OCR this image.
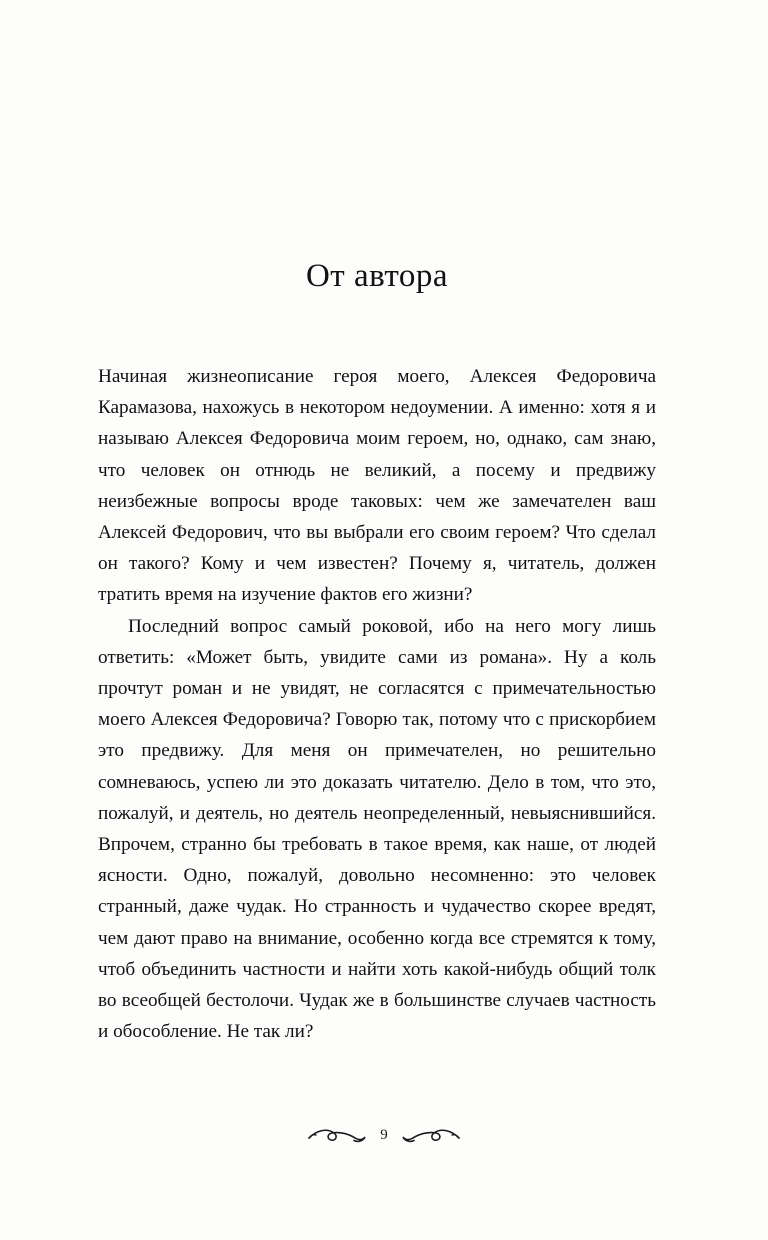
От автора

Начиная жизнеописание героя моего, Алексея Федоровича Карамазова, нахожусь в некотором недоумении. А именно: хотя я и называю Алексея Федоровича моим героем, но, однако, сам знаю, что человек он отнюдь не великий, а посему и предвижу неизбежные вопросы вроде таковых: чем же замечателен ваш Алексей Федорович, что вы выбрали его своим героем? Что сделал он такого? Кому и чем известен? Почему я, читатель, должен тратить время на изучение фактов его жизни?

Последний вопрос самый роковой, ибо на него могу лишь ответить: «Может быть, увидите сами из романа». Ну а коль прочтут роман и не увидят, не согласятся с примечательностью моего Алексея Федоровича? Говорю так, потому что с прискорбием это предвижу. Для меня он примечателен, но решительно сомневаюсь, успею ли это доказать читателю. Дело в том, что это, пожалуй, и деятель, но деятель неопределенный, невыяснившийся. Впрочем, странно бы требовать в такое время, как наше, от людей ясности. Одно, пожалуй, довольно несомненно: это человек странный, даже чудак. Но странность и чудачество скорее вредят, чем дают право на внимание, особенно когда все стремятся к тому, чтоб объединить частности и найти хоть какой-нибудь общий толк во всеобщей бестолочи. Чудак же в большинстве случаев частность и обособление. Не так ли?

9
